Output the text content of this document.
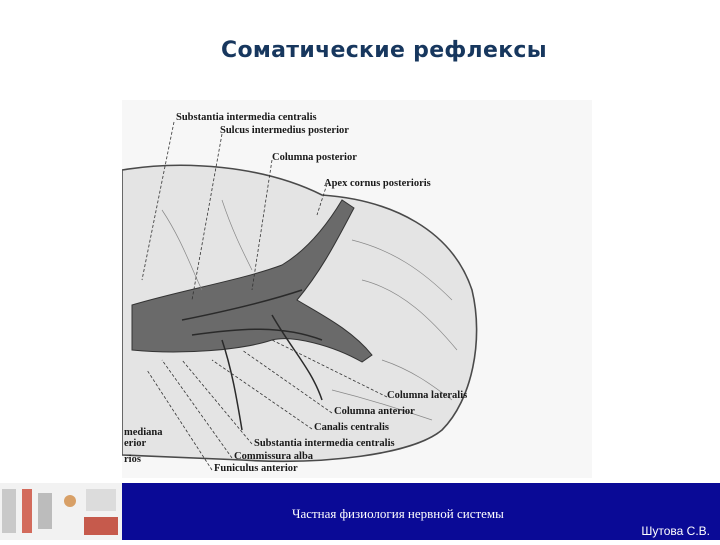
Соматические рефлексы
Substantia intermedia centralis
Sulcus intermedius posterior
Columna posterior
Apex cornus posterioris
Columna lateralis
Columna anterior
Canalis centralis
Substantia intermedia centralis
Commissura alba
Funiculus anterior
mediana
erior
rios
Частная физиология нервной системы
Шутова С.В.
